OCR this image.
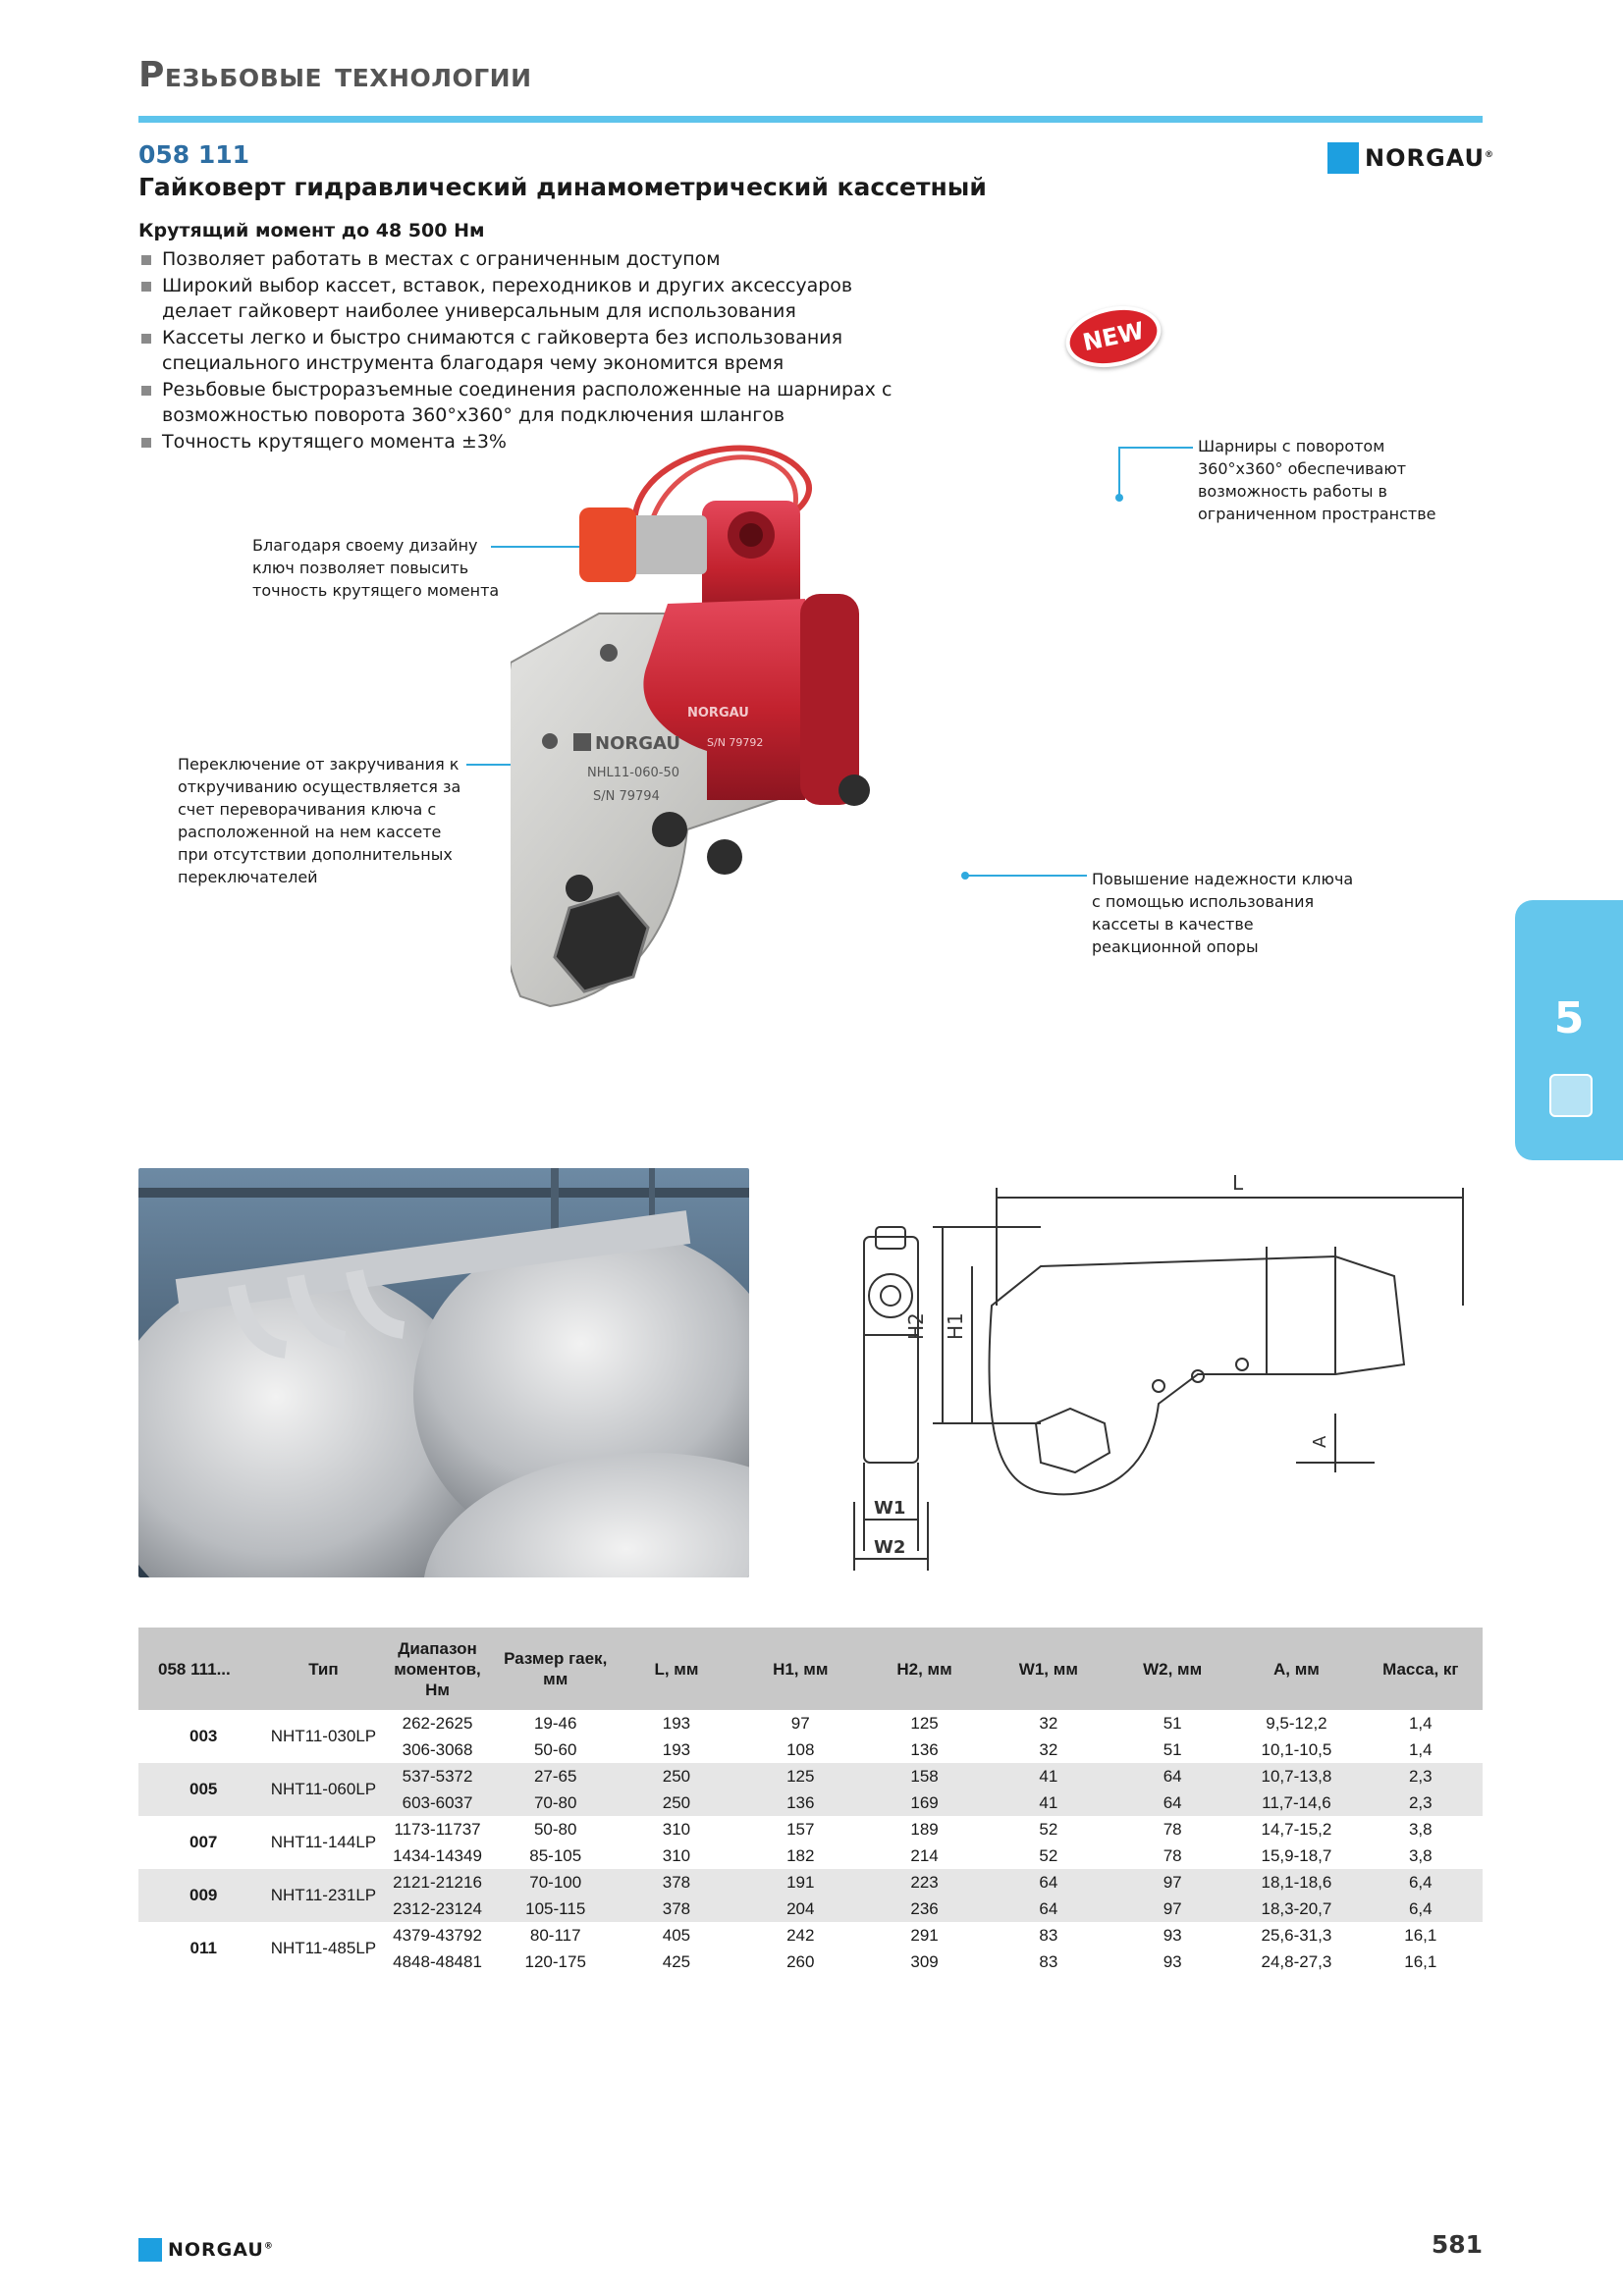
Резьбовые технологии
058 111
Гайковерт гидравлический динамометрический кассетный
NORGAU®
Крутящий момент до 48 500 Нм
Позволяет работать в местах с ограниченным доступом
Широкий выбор кассет, вставок, переходников и других аксессуаров делает гайковерт наиболее универсальным для использования
Кассеты легко и быстро снимаются с гайковерта без использования специального инструмента благодаря чему экономится время
Резьбовые быстроразъемные соединения расположенные на шарнирах с возможностью поворота 360°x360° для подключения шлангов
Точность крутящего момента ±3%
NEW
Шарниры с поворотом 360°x360° обеспечивают возможность работы в ограниченном пространстве
Благодаря своему дизайну ключ позволяет повысить точность крутящего момента
Переключение от закручивания к откручиванию осуществляется за счет переворачивания ключа с расположенной на нем кассете при отсутствии дополнительных переключателей	Повышение надежности ключа с помощью использования кассеты в качестве реакционной опоры
NORGAU
NHL11-060-50
S/N 79794
NORGAU
S/N 79792
L
H2 H1
A
W1
W2
5
058 111...	Тип	Диапазон моментов, Нм	Размер гаек, мм	L, мм	H1, мм	H2, мм	W1, мм	W2, мм	A, мм	Масса, кг
003	NHT11-030LP	262-2625	19-46	193	97	125	32	51	9,5-12,2	1,4
		306-3068	50-60	193	108	136	32	51	10,1-10,5	1,4
005	NHT11-060LP	537-5372	27-65	250	125	158	41	64	10,7-13,8	2,3
		603-6037	70-80	250	136	169	41	64	11,7-14,6	2,3
007	NHT11-144LP	1173-11737	50-80	310	157	189	52	78	14,7-15,2	3,8
		1434-14349	85-105	310	182	214	52	78	15,9-18,7	3,8
009	NHT11-231LP	2121-21216	70-100	378	191	223	64	97	18,1-18,6	6,4
		2312-23124	105-115	378	204	236	64	97	18,3-20,7	6,4
011	NHT11-485LP	4379-43792	80-117	405	242	291	83	93	25,6-31,3	16,1
		4848-48481	120-175	425	260	309	83	93	24,8-27,3	16,1
NORGAU®	581
